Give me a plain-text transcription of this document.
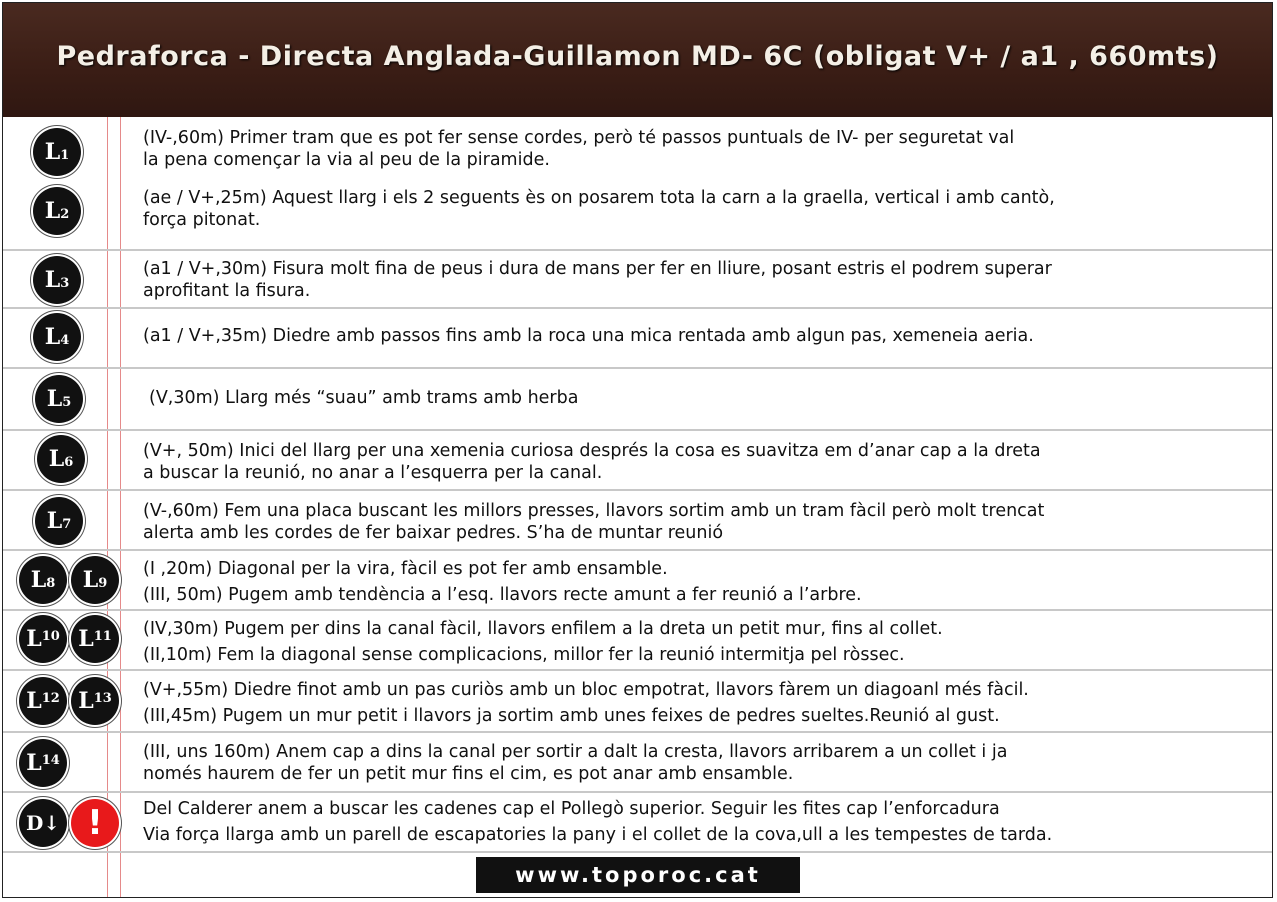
Pedraforca - Directa Anglada-Guillamon MD- 6C (obligat V+ / a1 , 660mts)
$L_1$
(IV-,60m) Primer tram que es pot fer sense cordes, però té passos puntuals de IV- per seguretat val
la pena començar la via al peu de la piramide.
$L_2$
(ae / V+,25m) Aquest llarg i els 2 seguents ès on posarem tota la carn a la graella, vertical i amb cantò,
força pitonat.
$L_3$
(a1 / V+,30m) Fisura molt fina de peus i dura de mans per fer en lliure, posant estris el podrem superar
aprofitant la fisura.
$L_4$	(a1 / V+,35m) Diedre amb passos fins amb la roca una mica rentada amb algun pas, xemeneia aeria.
$L_5$	(V,30m) Llarg més “suau” amb trams amb herba
$L_6$
(V+, 50m) Inici del llarg per una xemenia curiosa després la cosa es suavitza em d’anar cap a la dreta
a buscar la reunió, no anar a l’esquerra per la canal.
$L_7$
(V-,60m) Fem una placa buscant les millors presses, llavors sortim amb un tram fàcil però molt trencat
alerta amb les cordes de fer baixar pedres. S’ha de muntar reunió
$L_8$	$L_9$
(I ,20m) Diagonal per la vira, fàcil es pot fer amb ensamble.
(III, 50m) Pugem amb tendència a l’esq. llavors recte amunt a fer reunió a l’arbre.
$L^{10}$ $L^{11}$ (IV,30m) Pugem per dins la canal fàcil, llavors enfilem a la dreta un petit mur, fins al collet.
(II,10m) Fem la diagonal sense complicacions, millor fer la reunió intermitja pel ròssec.
$L^{12}$ $L^{13}$ (V+,55m) Diedre finot amb un pas curiòs amb un bloc empotrat, llavors fàrem un diagoanl més fàcil.
(III,45m) Pugem un mur petit i llavors ja sortim amb unes feixes de pedres sueltes.Reunió al gust.
$L^{14}$	(III, uns 160m) Anem cap a dins la canal per sortir a dalt la cresta, llavors arribarem a un collet i ja
només haurem de fer un petit mur fins el cim, es pot anar amb ensamble.
D↓ !	Del Calderer anem a buscar les cadenes cap el Pollegò superior. Seguir les fites cap l’enforcadura
Via força llarga amb un parell de escapatories la pany i el collet de la cova,ull a les tempestes de tarda.
www.toporoc.cat
